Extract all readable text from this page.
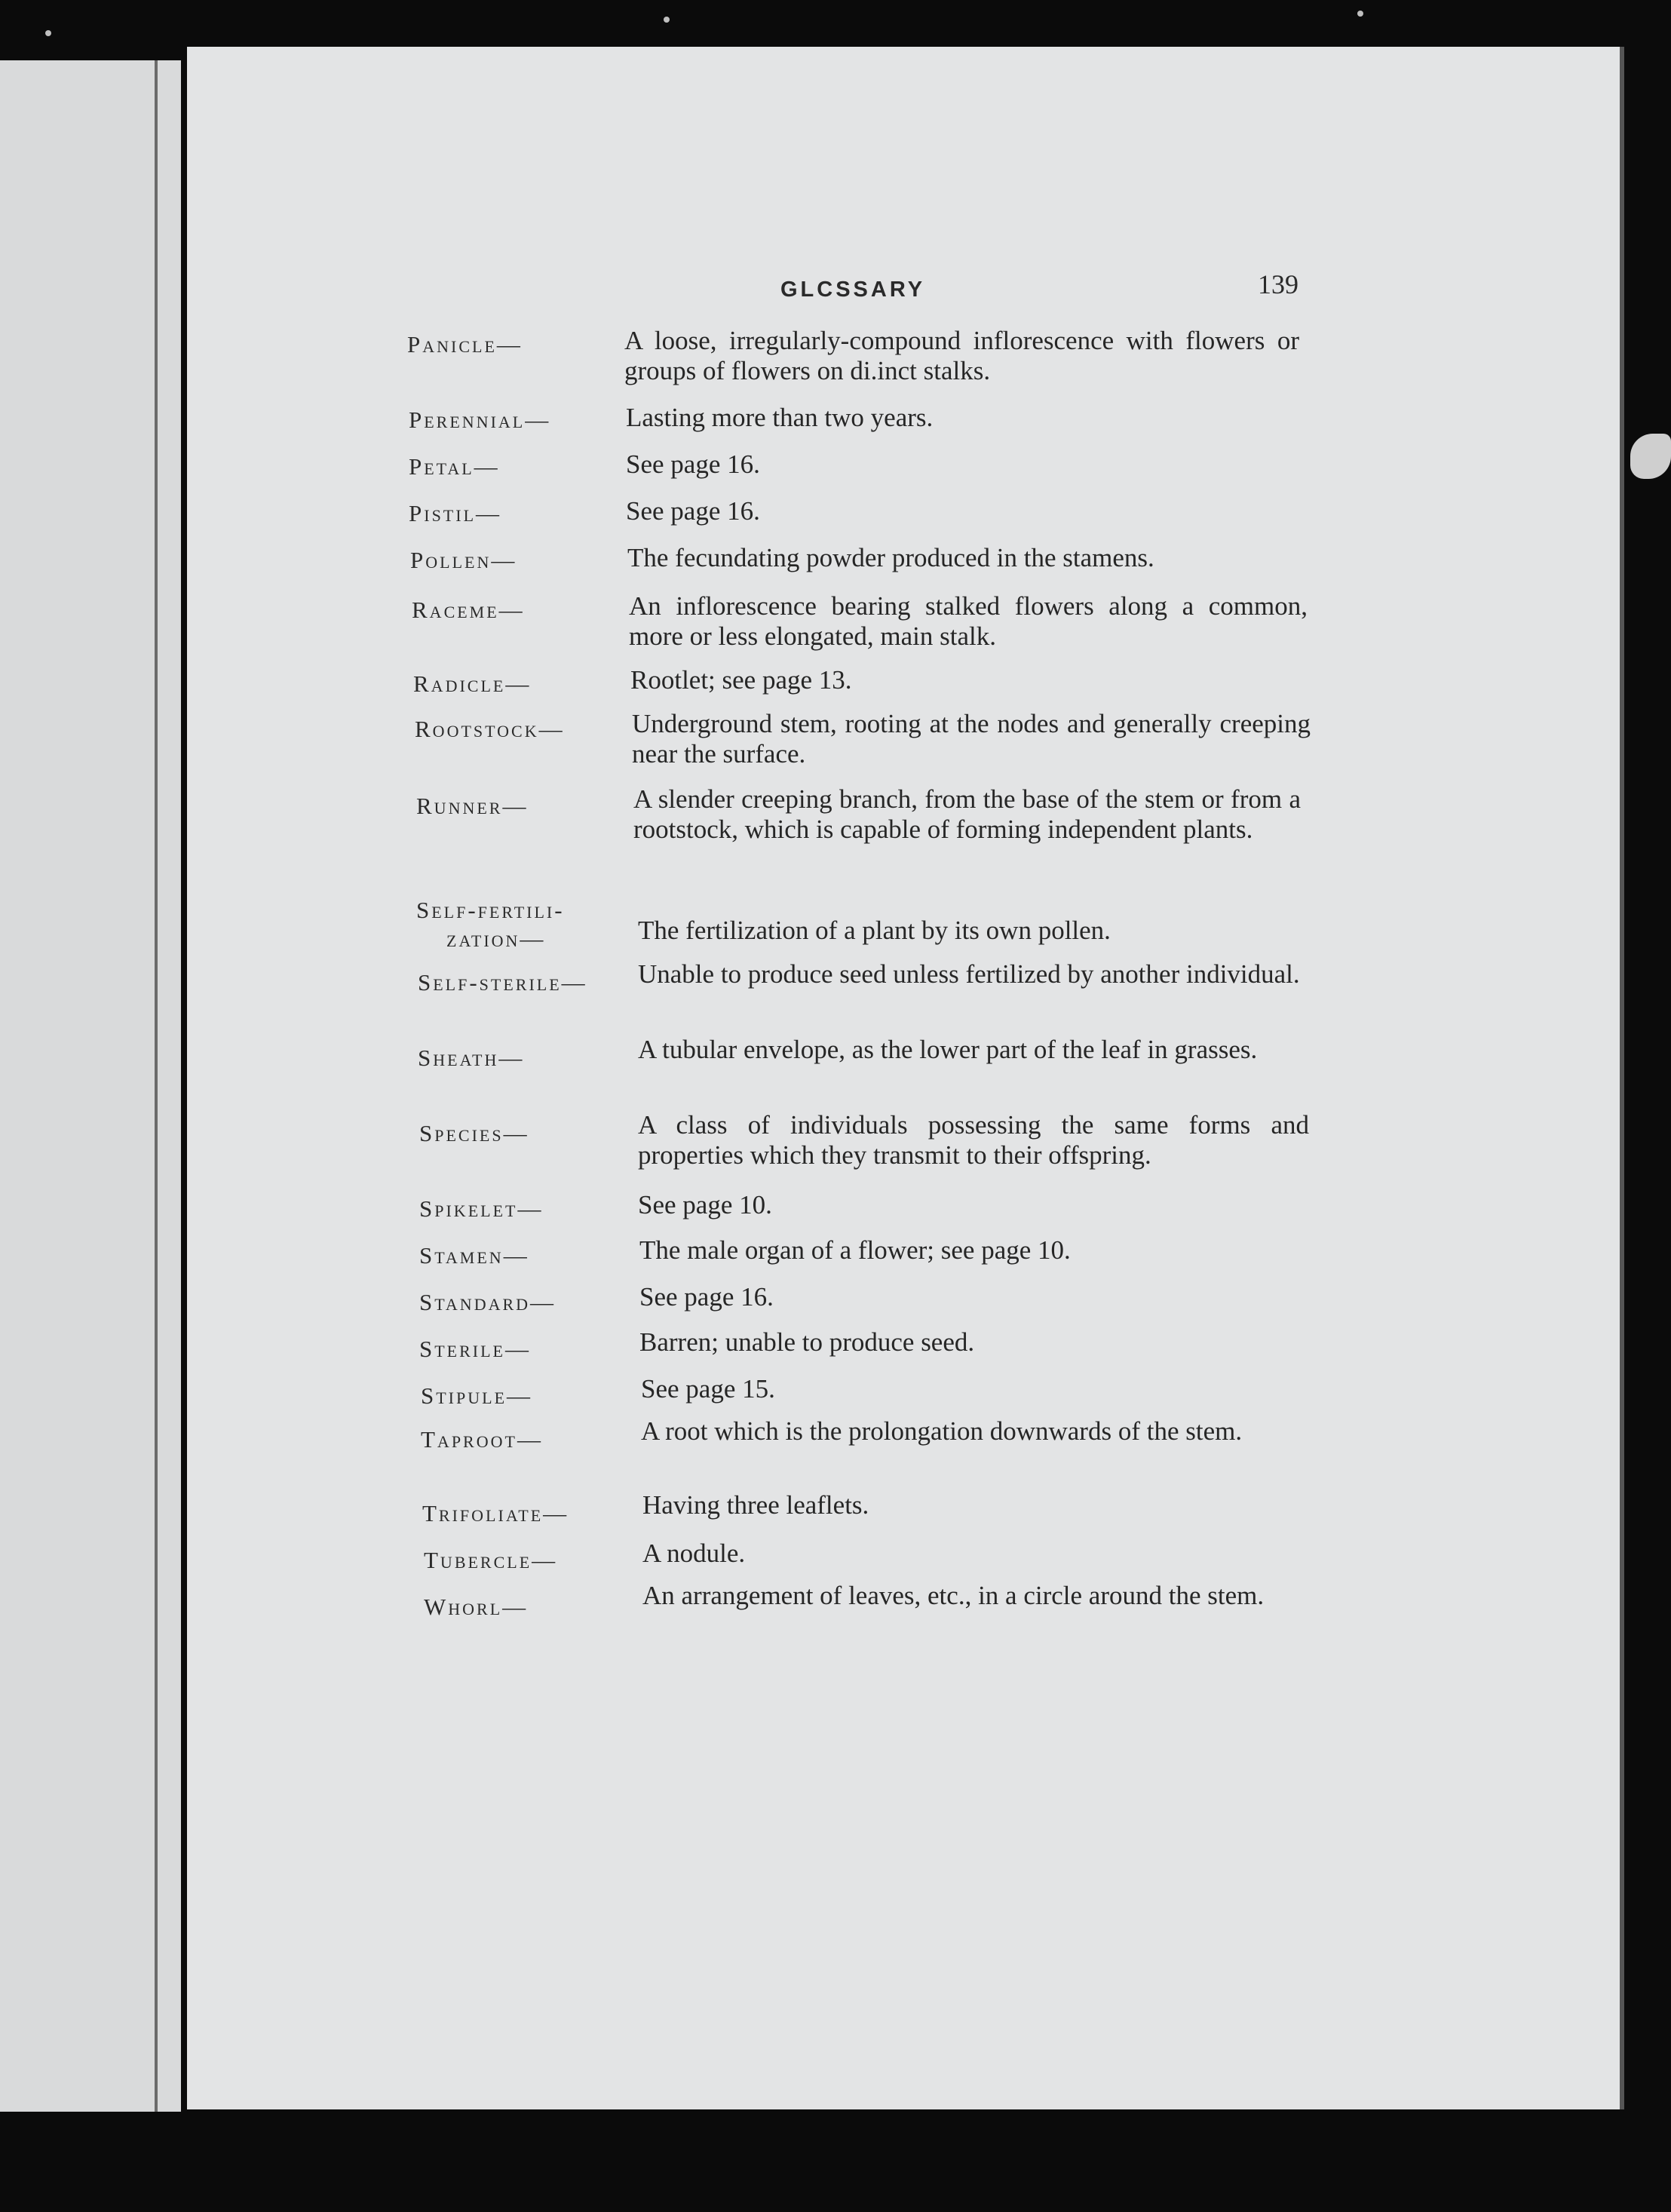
GLCSSARY	139
Panicle—	A loose, irregularly-compound inflorescence with flowers or groups of flowers on di.inct stalks.
Perennial—	Lasting more than two years.
Petal—	See page 16.
Pistil—	See page 16.
Pollen—	The fecundating powder produced in the stamens.
Raceme—	An inflorescence bearing stalked flowers along a common, more or less elongated, main stalk.
Radicle—	Rootlet; see page 13.
Rootstock—	Underground stem, rooting at the nodes and generally creeping near the surface.
Runner—	A slender creeping branch, from the base of the stem or from a rootstock, which is capable of forming independent plants.
Self-fertili-
zation—	The fertilization of a plant by its own pollen.
Self-sterile— Unable to produce seed unless fertilized by another individual.
Sheath—	A tubular envelope, as the lower part of the leaf in grasses.
Species—	A class of individuals possessing the same forms and properties which they transmit to their offspring.
Spikelet—	See page 10.
Stamen—	The male organ of a flower; see page 10.
Standard—	See page 16.
Sterile—	Barren; unable to produce seed.
Stipule—	See page 15.
Taproot—	A root which is the prolongation downwards of the stem.
Trifoliate—	Having three leaflets.
Tubercle—	A nodule.
Whorl—	An arrangement of leaves, etc., in a circle around the stem.
